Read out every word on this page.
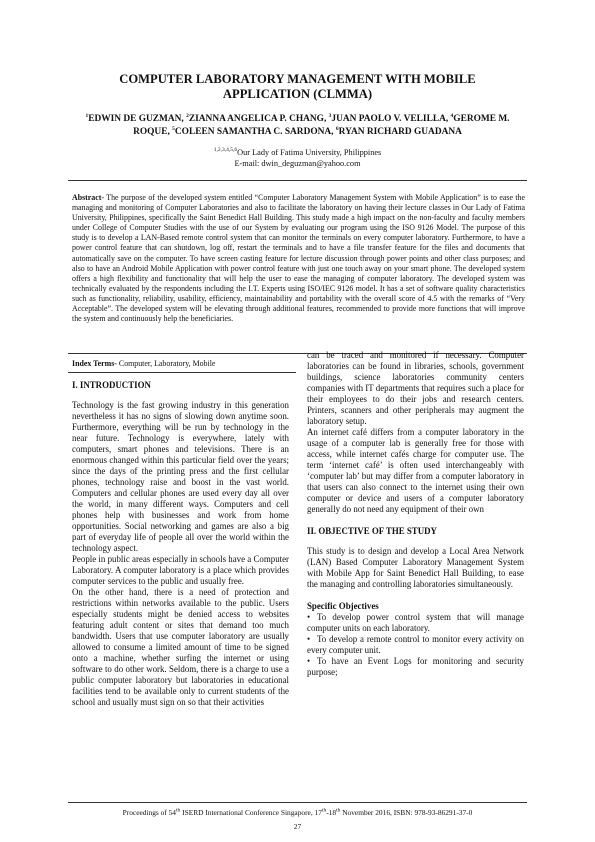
COMPUTER LABORATORY MANAGEMENT WITH MOBILE
APPLICATION (CLMMA)
$^1$EDWIN DE GUZMAN, $^2$ZIANNA ANGELICA P. CHANG, $^3$JUAN PAOLO V. VELILLA, $^4$GEROME M. ROQUE, $^5$COLEEN SAMANTHA C. SARDONA, $^6$RYAN RICHARD GUADANA
$^{1,2,3,4,5,6}$Our Lady of Fatima University, Philippines
E-mail: dwin_deguzman@yahoo.com
Abstract- The purpose of the developed system entitled “Computer Laboratory Management System with Mobile Application” is to ease the managing and monitoring of Computer Laboratories and also to facilitate the laboratory on having their lecture classes in Our Lady of Fatima University, Philippines, specifically the Saint Benedict Hall Building. This study made a high impact on the non-faculty and faculty members under College of Computer Studies with the use of our System by evaluating our program using the ISO 9126 Model. The purpose of this study is to develop a LAN-Based remote control system that can monitor the terminals on every computer laboratory. Furthermore, to have a power control feature that can shutdown, log off, restart the terminals and to have a file transfer feature for the files and documents that automatically save on the computer. To have screen casting feature for lecture discussion through power points and other class purposes; and also to have an Android Mobile Application with power control feature with just one touch away on your smart phone. The developed system offers a high flexibility and functionality that will help the user to ease the managing of computer laboratory. The developed system was technically evaluated by the respondents including the I.T. Experts using ISO/IEC 9126 model. It has a set of software quality characteristics such as functionality, reliability, usability, efficiency, maintainability and portability with the overall score of 4.5 with the remarks of “Very Acceptable”. The developed system will be elevating through additional features, recommended to provide more functions that will improve the system and continuously help the beneficiaries.
Index Terms- Computer, Laboratory, Mobile

I. INTRODUCTION

Technology is the fast growing industry in this generation nevertheless it has no signs of slowing down anytime soon. Furthermore, everything will be run by technology in the near future. Technology is everywhere, lately with computers, smart phones and televisions. There is an enormous changed within this particular field over the years; since the days of the printing press and the first cellular phones, technology raise and boost in the vast world. Computers and cellular phones are used every day all over the world, in many different ways. Computers and cell phones help with businesses and work from home opportunities. Social networking and games are also a big part of everyday life of people all over the world within the technology aspect.

People in public areas especially in schools have a Computer Laboratory. A computer laboratory is a place which provides computer services to the public and usually free.

On the other hand, there is a need of protection and restrictions within networks available to the public. Users especially students might be denied access to websites featuring adult content or sites that demand too much bandwidth. Users that use computer laboratory are usually allowed to consume a limited amount of time to be signed onto a machine, whether surfing the internet or using software to do other work. Seldom, there is a charge to use a public computer laboratory but laboratories in educational facilities tend to be available only to current students of the school and usually must sign on so that their activities

can be traced and monitored if necessary. Computer laboratories can be found in libraries, schools, government buildings, science laboratories community centers companies with IT departments that requires such a place for their employees to do their jobs and research centers. Printers, scanners and other peripherals may augment the laboratory setup.

An internet café differs from a computer laboratory in the usage of a computer lab is generally free for those with access, while internet cafés charge for computer use. The term ‘internet café’ is often used interchangeably with ‘computer lab’ but may differ from a computer laboratory in that users can also connect to the internet using their own computer or device and users of a computer laboratory generally do not need any equipment of their own

II. OBJECTIVE OF THE STUDY

This study is to design and develop a Local Area Network (LAN) Based Computer Laboratory Management System with Mobile App for Saint Benedict Hall Building, to ease the managing and controlling laboratories simultaneously.

Specific Objectives

• To develop power control system that will manage computer units on each laboratory.

• To develop a remote control to monitor every activity on every computer unit.

• To have an Event Logs for monitoring and security purpose;

Proceedings of 54th ISERD International Conference Singapore, 17th-18th November 2016, ISBN: 978-93-86291-37-0
27
